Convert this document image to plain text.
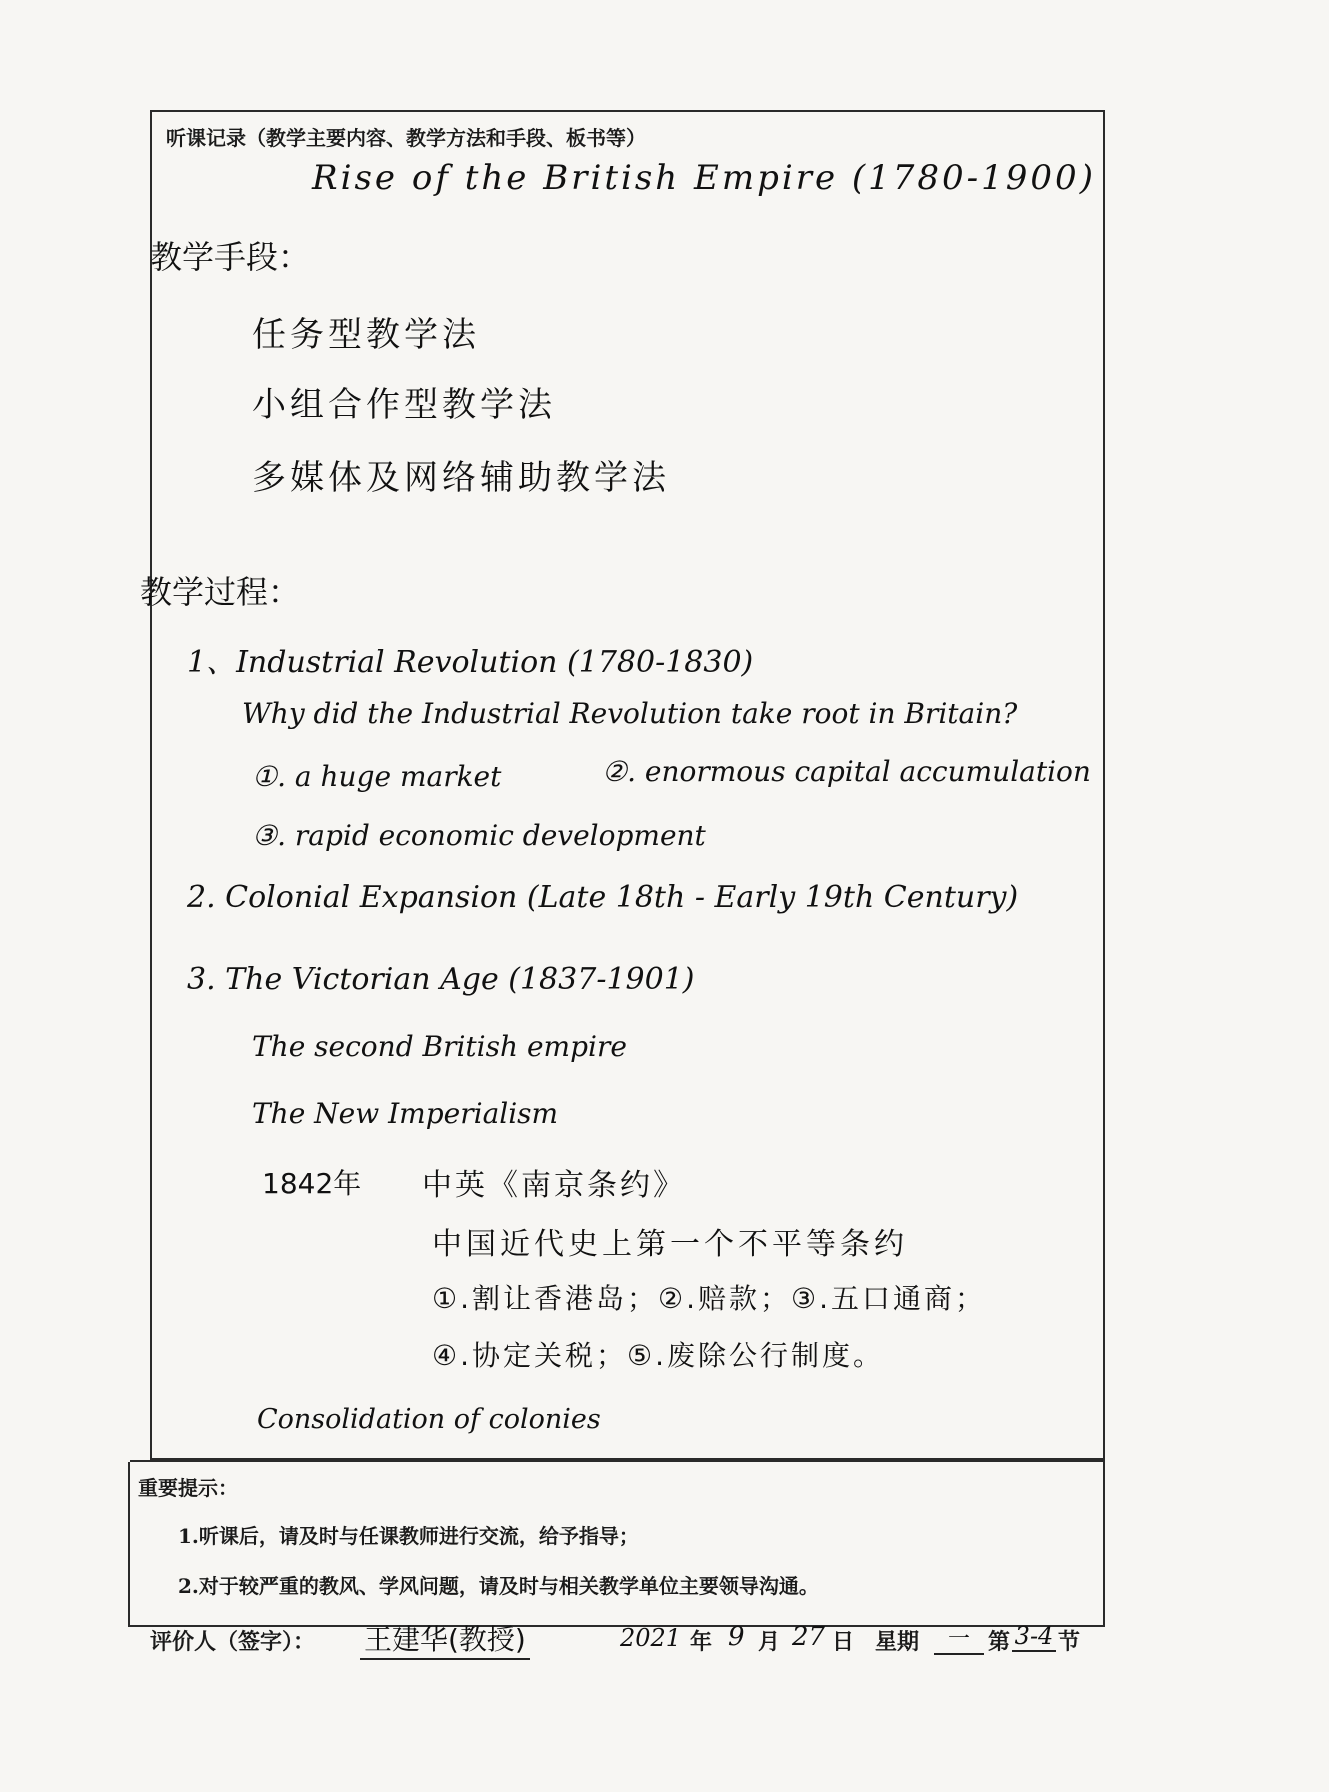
听课记录（教学主要内容、教学方法和手段、板书等）
Rise of the British Empire (1780-1900)
教学手段：
任务型教学法
小组合作型教学法
多媒体及网络辅助教学法
教学过程：
1、Industrial Revolution (1780-1830)
Why did the Industrial Revolution take root in Britain?
①. a huge market	②. enormous capital accumulation
③. rapid economic development
2. Colonial Expansion (Late 18th - Early 19th Century)
3. The Victorian Age (1837-1901)
The second British empire
The New Imperialism
1842年 中英《南京条约》
中国近代史上第一个不平等条约
①.割让香港岛；②.赔款；③.五口通商；
④.协定关税；⑤.废除公行制度。
Consolidation of colonies
重要提示：
1.听课后，请及时与任课教师进行交流，给予指导；
2.对于较严重的教风、学风问题，请及时与相关教学单位主要领导沟通。
评价人（签字）： 王建华(教授)	2021 年 9 月 27 日 星期	一 第 3-4 节
